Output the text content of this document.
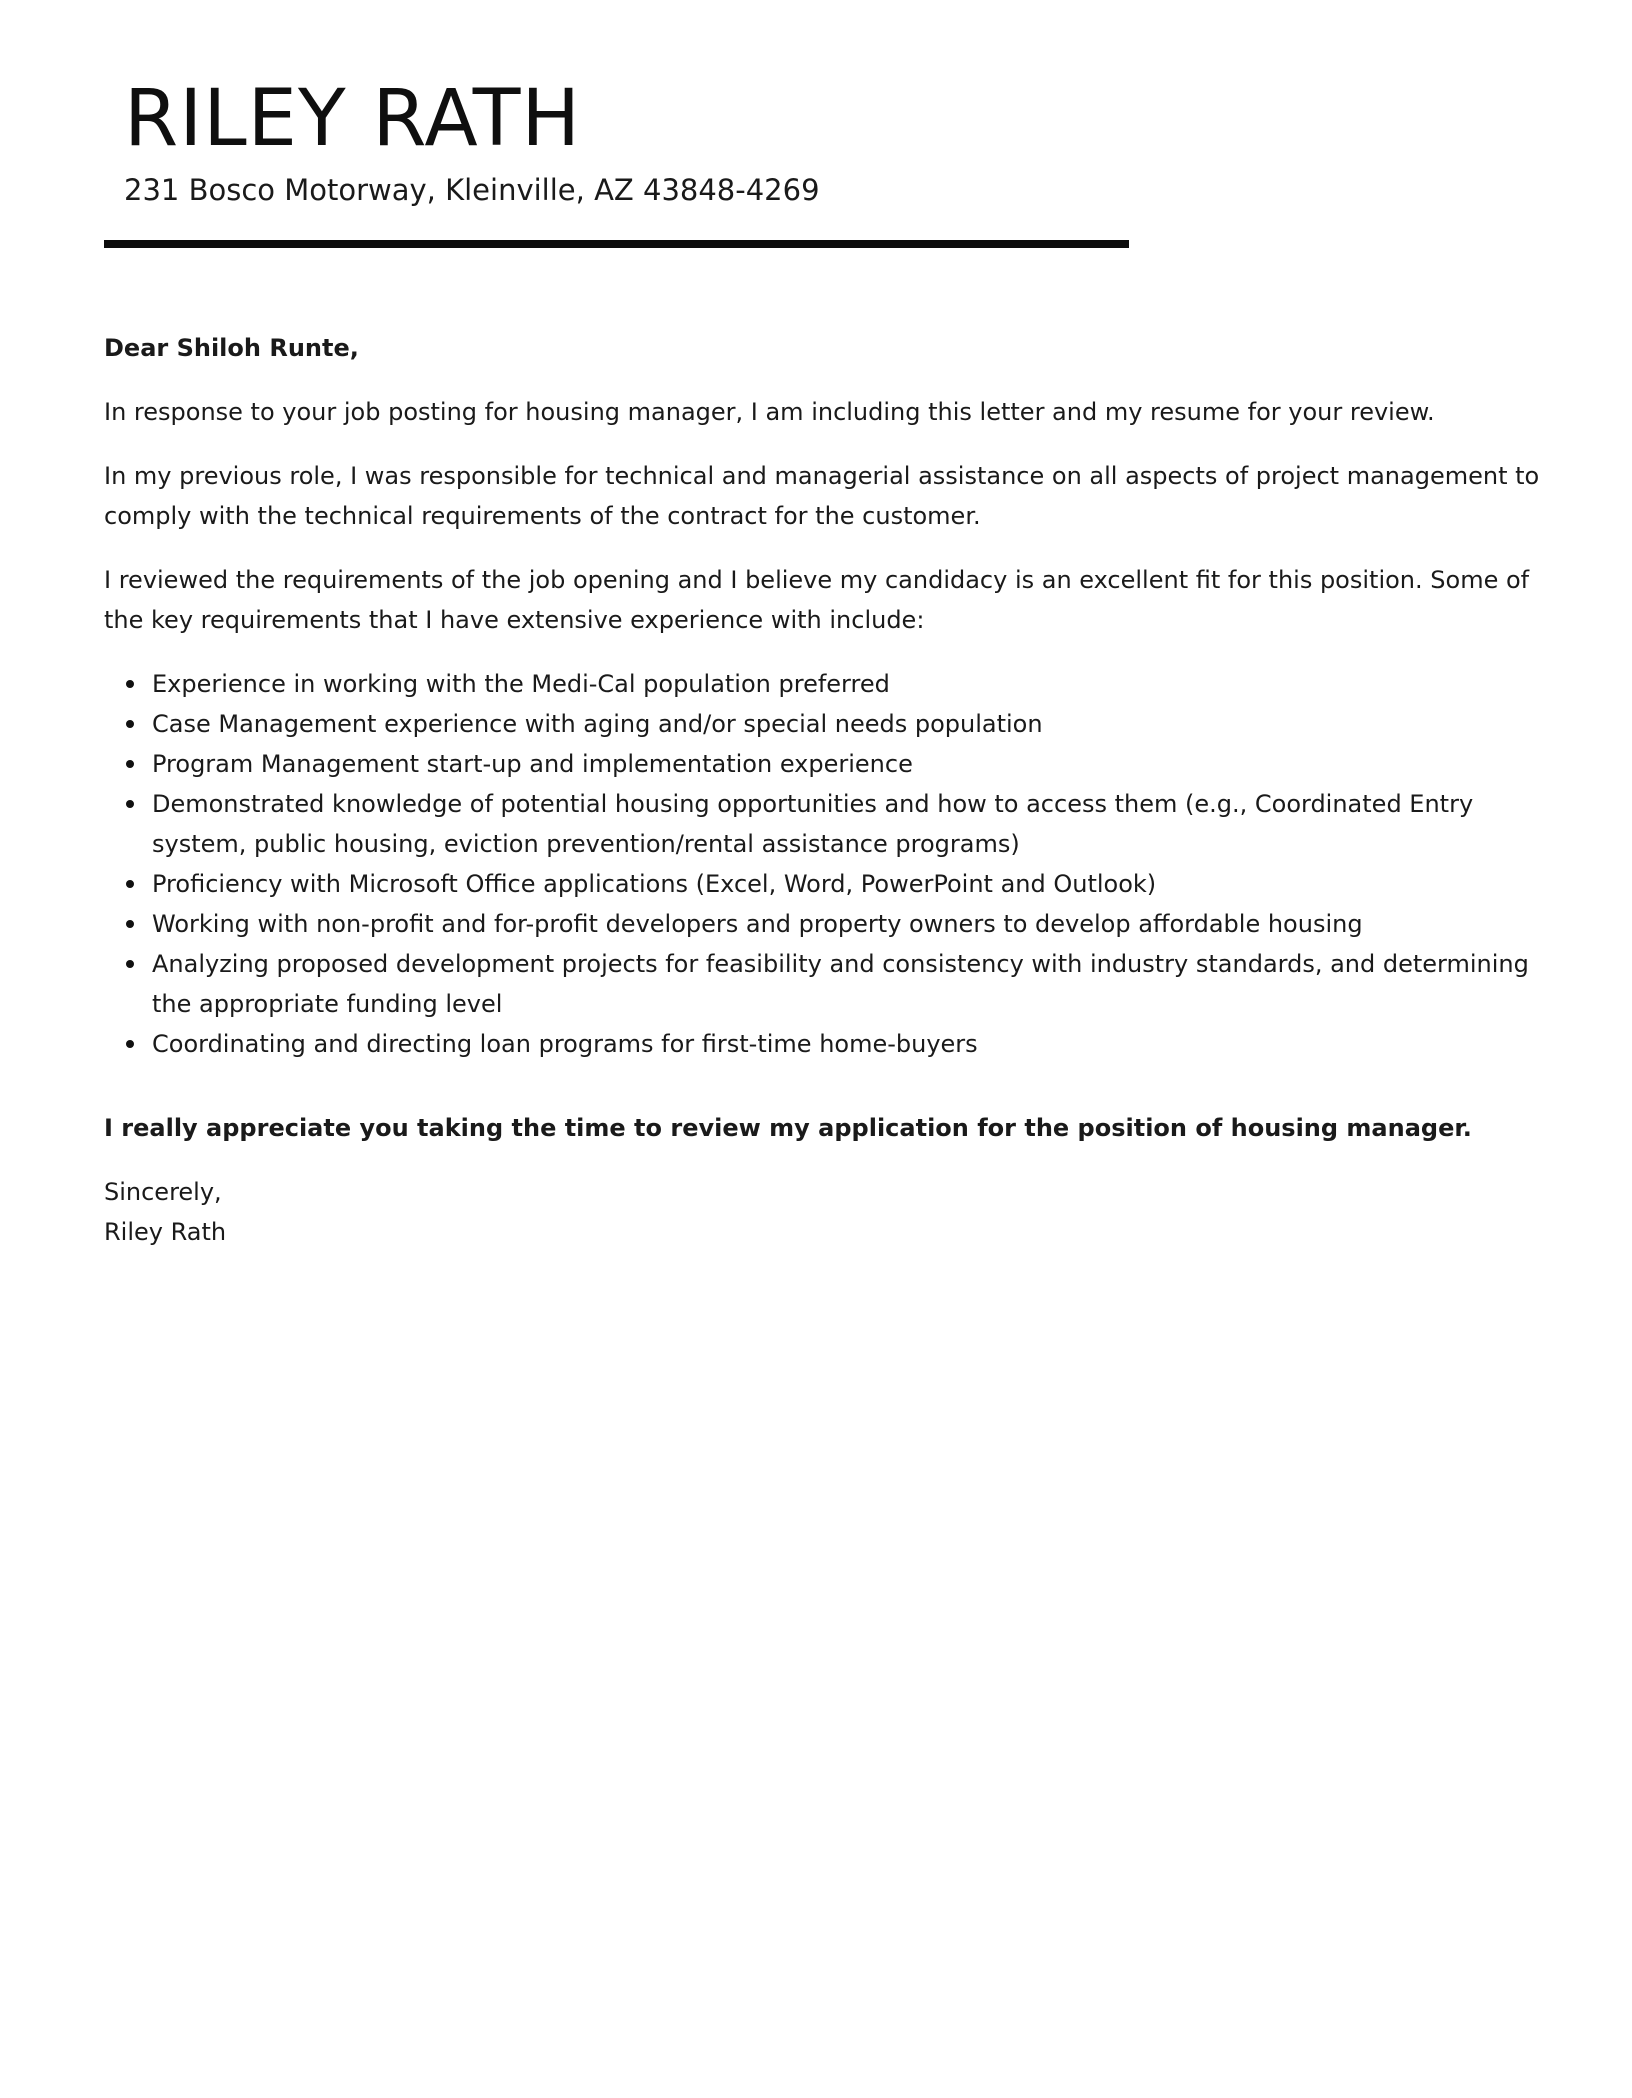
RILEY RATH

231 Bosco Motorway, Kleinville, AZ 43848-4269

Dear Shiloh Runte,

In response to your job posting for housing manager, I am including this letter and my resume for your review.

In my previous role, I was responsible for technical and managerial assistance on all aspects of project management to comply with the technical requirements of the contract for the customer.

I reviewed the requirements of the job opening and I believe my candidacy is an excellent fit for this position. Some of the key requirements that I have extensive experience with include:

Experience in working with the Medi-Cal population preferred
Case Management experience with aging and/or special needs population
Program Management start-up and implementation experience
Demonstrated knowledge of potential housing opportunities and how to access them (e.g., Coordinated Entry system, public housing, eviction prevention/rental assistance programs)
Proficiency with Microsoft Office applications (Excel, Word, PowerPoint and Outlook)
Working with non-profit and for-profit developers and property owners to develop affordable housing
Analyzing proposed development projects for feasibility and consistency with industry standards, and determining the appropriate funding level
Coordinating and directing loan programs for first-time home-buyers

I really appreciate you taking the time to review my application for the position of housing manager.

Sincerely,
Riley Rath
